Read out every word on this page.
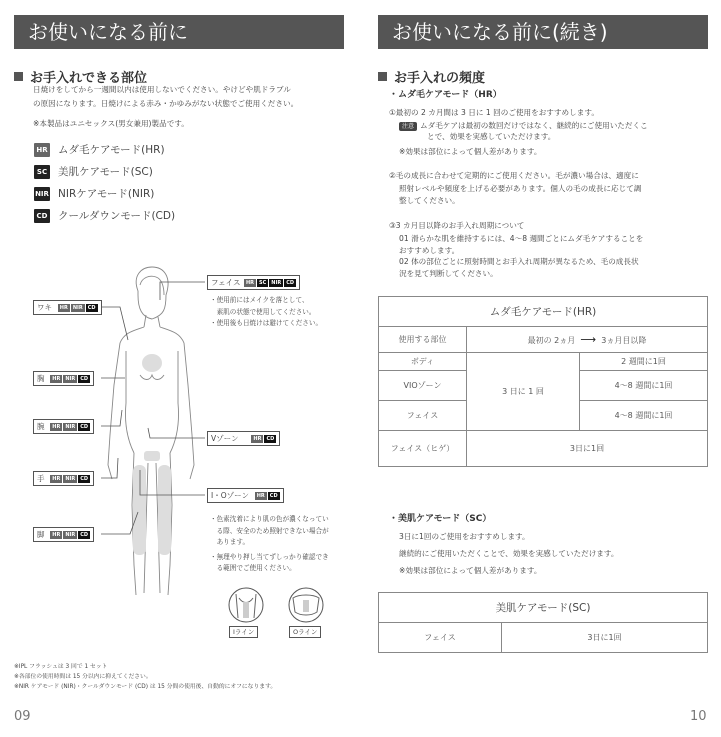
お使いになる前に
お手入れできる部位
日焼けをしてから一週間以内は使用しないでください。やけどや肌ドラブル
の原因になります。日焼けによる赤み・かゆみがない状態でご使用ください。
※本製品はユニセックス(男女兼用)製品です。
HR ムダ毛ケアモード(HR)
SC 美肌ケアモード(SC)
NIR NIRケアモード(NIR)
CD クールダウンモード(CD)
フェイス HR SC NIR CD
・使用前にはメイクを落として、
　素肌の状態で使用してください。
・使用後も日焼けは避けてください。
ワキ HR NIR CD
胸 HR NIR CD
腕 HR NIR CD
手 HR NIR CD
脚 HR NIR CD
Vゾーン	HR CD
I・Oゾーン HR CD
・色素沈着により肌の色が濃くなってい
　る際、安全のため照射できない場合が
　あります。
・無理やり押し当てずしっかり確認でき
　る範囲でご使用ください。
Iライン	Oライン
※IPL フラッシュは 3 回で 1 セット
※各部位の使用時間は 15 分以内に抑えてください。
※NIR ケアモード (NIR)・クールダウンモード (CD) は 15 分間の使用後、自動的にオフになります。
09
お使いになる前に(続き)
お手入れの頻度
・ムダ毛ケアモード（HR）
①最初の 2 カ月間は 3 日に 1 回のご使用をおすすめします。
注意 ムダ毛ケアは最初の数回だけではなく、継続的にご使用いただくこ
とで、効果を実感していただけます。
※効果は部位によって個人差があります。
②毛の成長に合わせて定期的にご使用ください。毛が濃い場合は、適度に
照射レベルや頻度を上げる必要があります。個人の毛の成長に応じて調
整してください。
③3 カ月目以降のお手入れ周期について
01 滑らかな肌を維持するには、4〜8 週間ごとにムダ毛ケアすることを
おすすめします。
02 体の部位ごとに照射時間とお手入れ周期が異なるため、毛の成長状
況を見て判断してください。
ムダ毛ケアモード(HR)		
使用する部位	最初の 2ヵ月 ⟶ 3ヵ月目以降	
ボディ	3 日に 1 回	2 週間に1回
VIOゾーン		4〜8 週間に1回
フェイス		4〜8 週間に1回
フェイス（ヒゲ）	3日に1回	
・美肌ケアモード（SC）
3日に1回のご使用をおすすめします。
継続的にご使用いただくことで、効果を実感していただけます。
※効果は部位によって個人差があります。
美肌ケアモード(SC)
フェイス	3日に1回
10
